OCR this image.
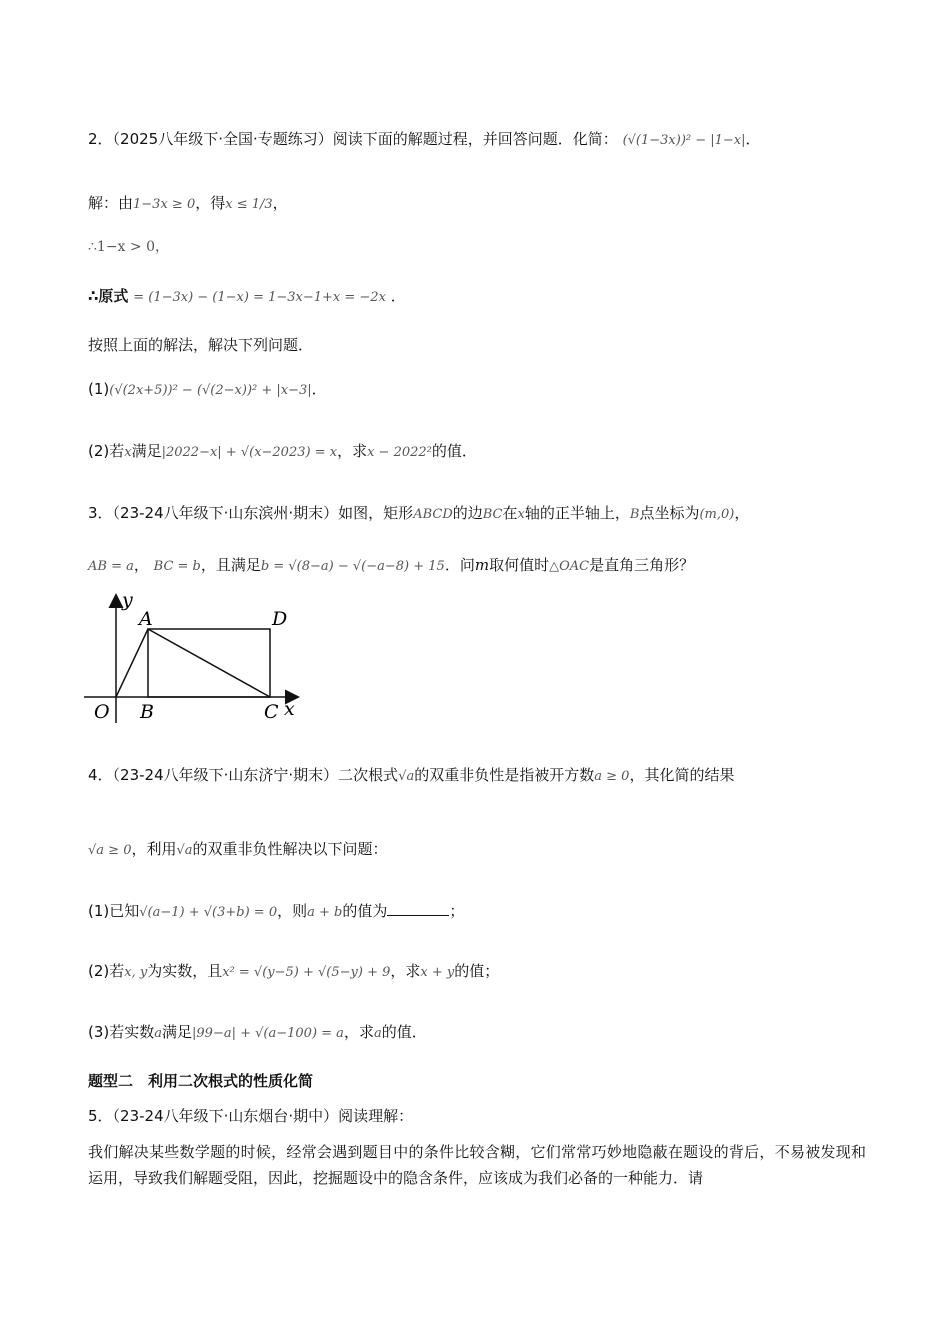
2．（2025八年级下·全国·专题练习）阅读下面的解题过程，并回答问题．化简： (√(1−3x))² − |1−x|．
解：由1−3x ≥ 0，得x ≤ 1/3，
∴1−x > 0，
∴原式 = (1−3x) − (1−x) = 1−3x−1+x = −2x ．
按照上面的解法，解决下列问题．
(1)(√(2x+5))² − (√(2−x))² + |x−3|．
(2)若x满足|2022−x| + √(x−2023) = x，求x − 2022²的值．
3．（23-24八年级下·山东滨州·期末）如图，矩形ABCD的边BC在x轴的正半轴上，B点坐标为(m,0)，
AB = a， BC = b，且满足b = √(8−a) − √(−a−8) + 15．问m取何值时△OAC是直角三角形？
y
A	D
O B	C x
4．（23-24八年级下·山东济宁·期末）二次根式√a的双重非负性是指被开方数a ≥ 0，其化简的结果
√a ≥ 0，利用√a的双重非负性解决以下问题：
(1)已知√(a−1) + √(3+b) = 0，则a + b的值为	；
(2)若x, y为实数，且x² = √(y−5) + √(5−y) + 9，求x + y的值；
(3)若实数a满足|99−a| + √(a−100) = a，求a的值．
题型二　利用二次根式的性质化简
5．（23-24八年级下·山东烟台·期中）阅读理解：
我们解决某些数学题的时候，经常会遇到题目中的条件比较含糊，它们常常巧妙地隐蔽在题设的背后，不易被发现和运用，导致我们解题受阻，因此，挖掘题设中的隐含条件，应该成为我们必备的一种能力．请
